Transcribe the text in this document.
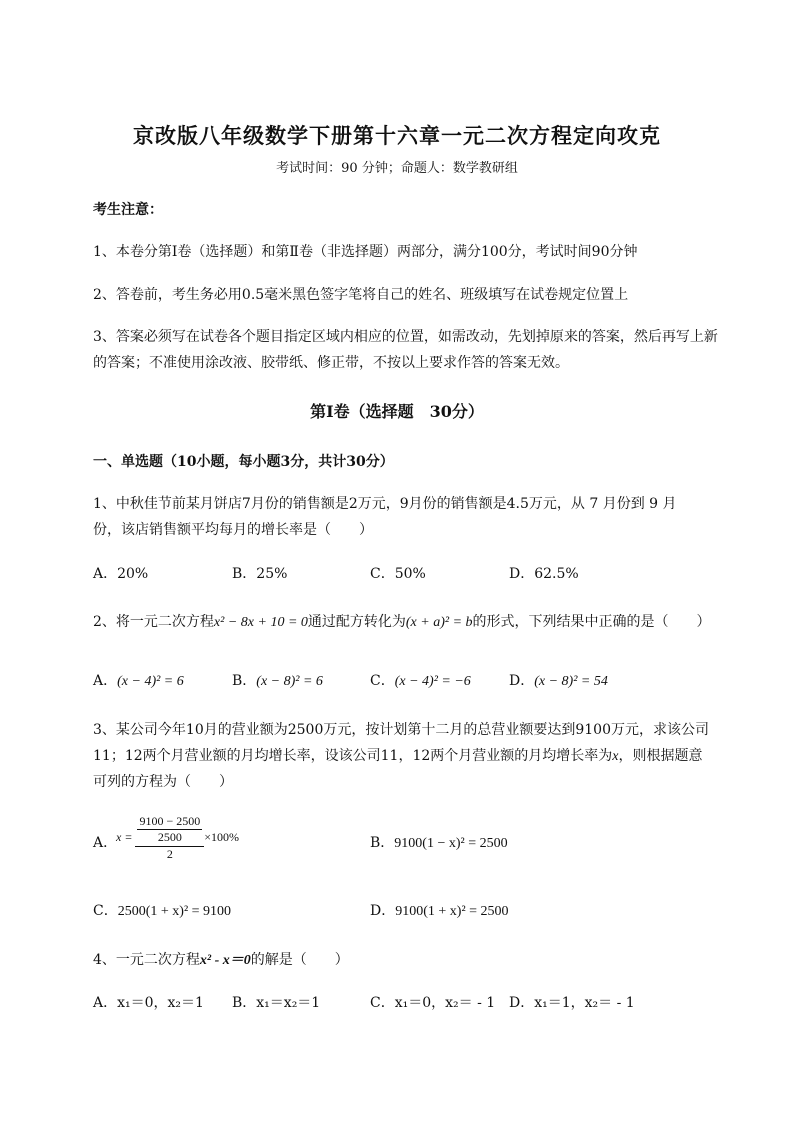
京改版八年级数学下册第十六章一元二次方程定向攻克
考试时间：90 分钟；命题人：数学教研组
考生注意：
1、本卷分第Ⅰ卷（选择题）和第Ⅱ卷（非选择题）两部分，满分100分，考试时间90分钟
2、答卷前，考生务必用0.5毫米黑色签字笔将自己的姓名、班级填写在试卷规定位置上
3、答案必须写在试卷各个题目指定区域内相应的位置，如需改动，先划掉原来的答案，然后再写上新
的答案；不准使用涂改液、胶带纸、修正带，不按以上要求作答的答案无效。
第Ⅰ卷（选择题　30分）
一、单选题（10小题，每小题3分，共计30分）
1、中秋佳节前某月饼店7月份的销售额是2万元，9月份的销售额是4.5万元，从 7 月份到 9 月
份，该店销售额平均每月的增长率是（　　）
A．20%	B．25%	C．50%	D．62.5%
2、将一元二次方程x² − 8x + 10 = 0通过配方转化为(x + a)² = b的形式，下列结果中正确的是（　　）
A．(x − 4)² = 6	B．(x − 8)² = 6	C．(x − 4)² = −6	D．(x − 8)² = 54
3、某公司今年10月的营业额为2500万元，按计划第十二月的总营业额要达到9100万元，求该公司
11；12两个月营业额的月均增长率，设该公司11，12两个月营业额的月均增长率为x，则根据题意
可列的方程为（　　）
A．
$x = \frac{\frac{9100 - 2500}{2500}}{2} \times 100\%$	B．9100(1 − x)² = 2500
C．2500(1 + x)² = 9100	D．9100(1 + x)² = 2500
4、一元二次方程x² - x＝0的解是（　　）
A．x₁＝0，x₂＝1 B．x₁＝x₂＝1	C．x₁＝0，x₂＝ - 1 D．x₁＝1，x₂＝ - 1
